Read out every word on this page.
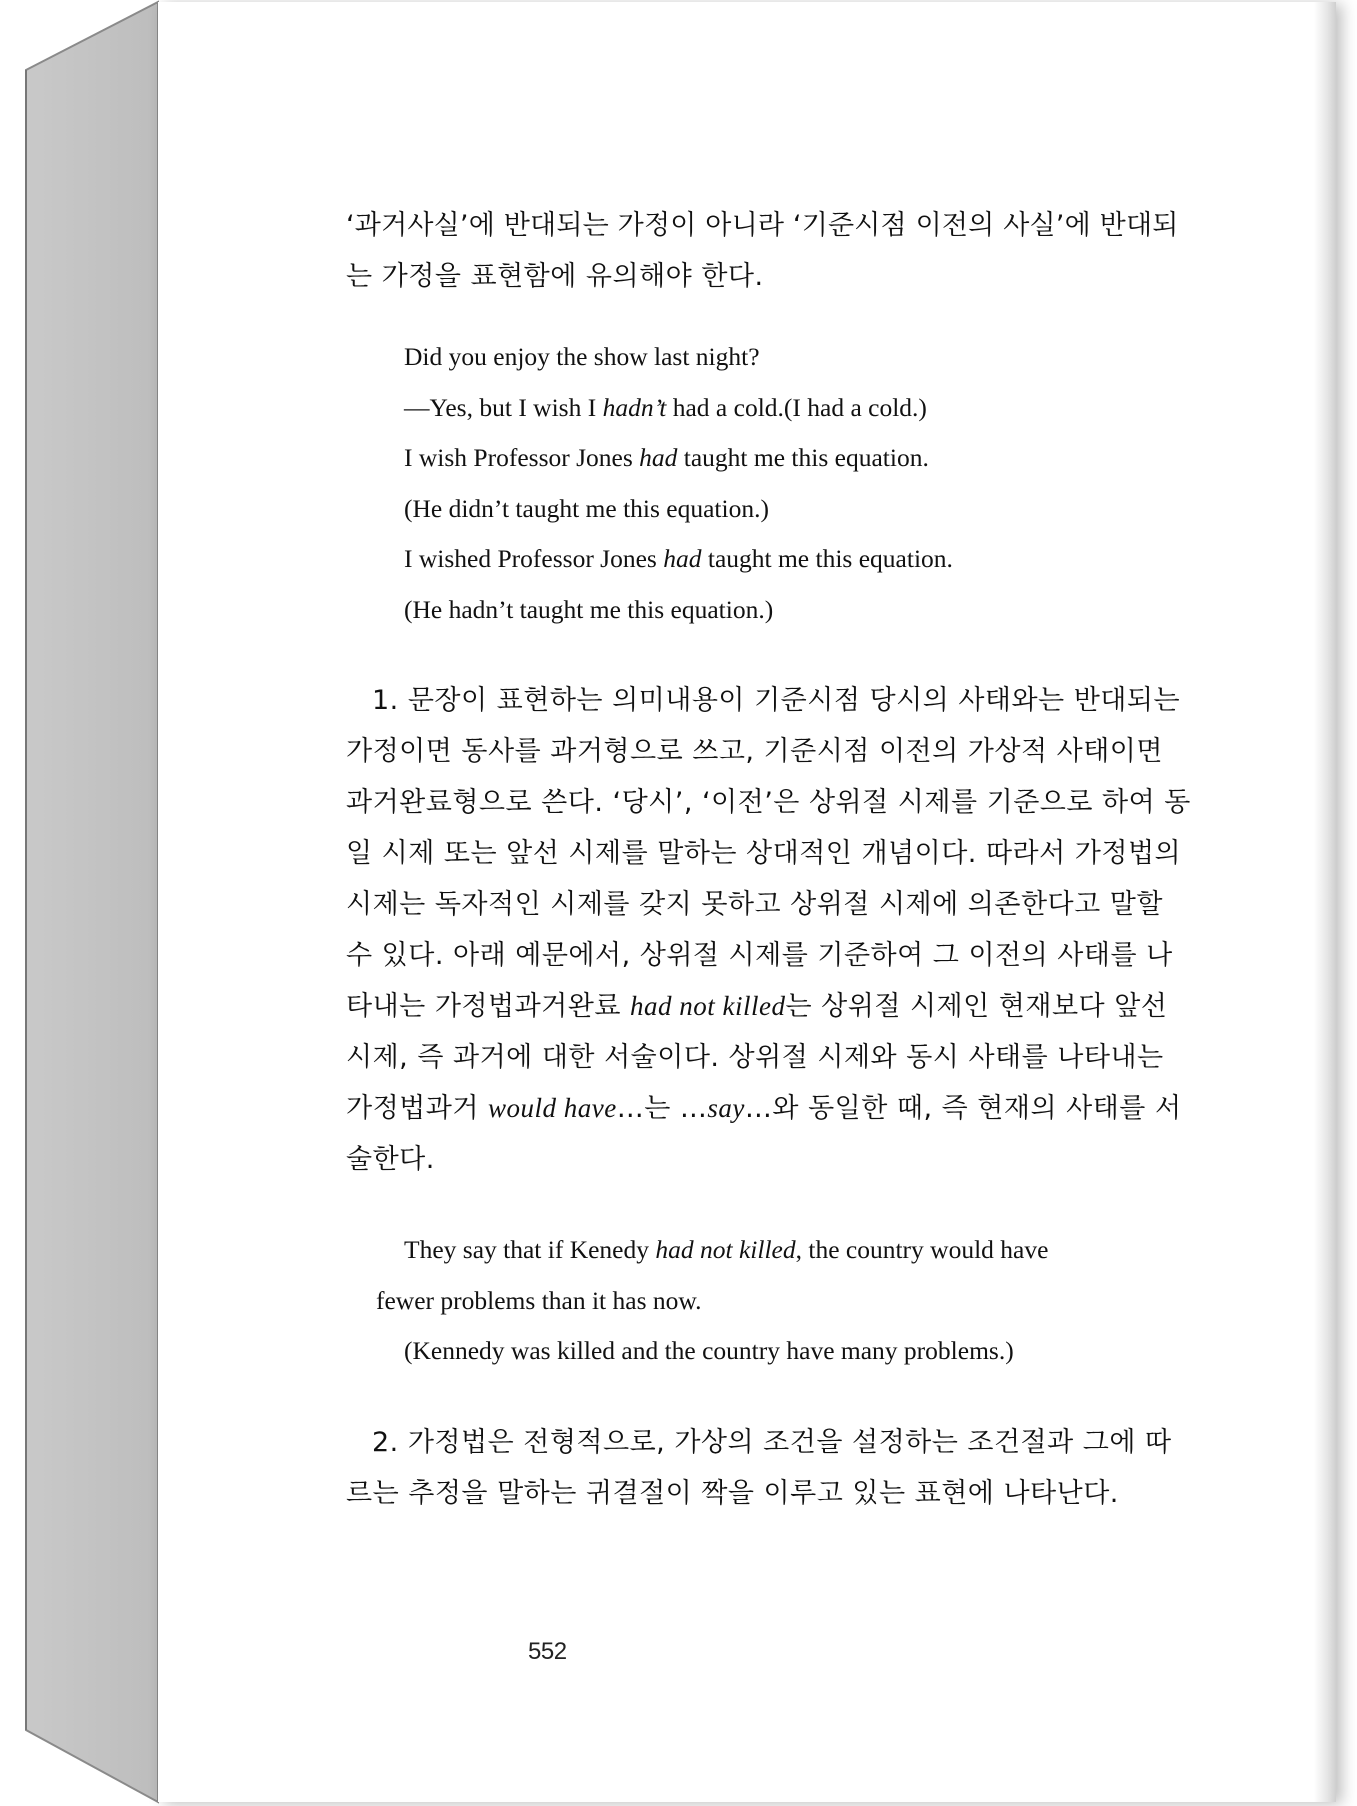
‘과거사실’에 반대되는 가정이 아니라 ‘기준시점 이전의 사실’에 반대되
는 가정을 표현함에 유의해야 한다.
Did you enjoy the show last night?
—Yes, but I wish I hadn’t had a cold.(I had a cold.)
I wish Professor Jones had taught me this equation.
(He didn’t taught me this equation.)
I wished Professor Jones had taught me this equation.
(He hadn’t taught me this equation.)
1. 문장이 표현하는 의미내용이 기준시점 당시의 사태와는 반대되는
가정이면 동사를 과거형으로 쓰고, 기준시점 이전의 가상적 사태이면
과거완료형으로 쓴다. ‘당시’, ‘이전’은 상위절 시제를 기준으로 하여 동
일 시제 또는 앞선 시제를 말하는 상대적인 개념이다. 따라서 가정법의
시제는 독자적인 시제를 갖지 못하고 상위절 시제에 의존한다고 말할
수 있다. 아래 예문에서, 상위절 시제를 기준하여 그 이전의 사태를 나
타내는 가정법과거완료 had not killed는 상위절 시제인 현재보다 앞선
시제, 즉 과거에 대한 서술이다. 상위절 시제와 동시 사태를 나타내는
가정법과거 would have…는 …say…와 동일한 때, 즉 현재의 사태를 서
술한다.
They say that if Kenedy had not killed, the country would have
fewer problems than it has now.
(Kennedy was killed and the country have many problems.)
2. 가정법은 전형적으로, 가상의 조건을 설정하는 조건절과 그에 따
르는 추정을 말하는 귀결절이 짝을 이루고 있는 표현에 나타난다.
552
